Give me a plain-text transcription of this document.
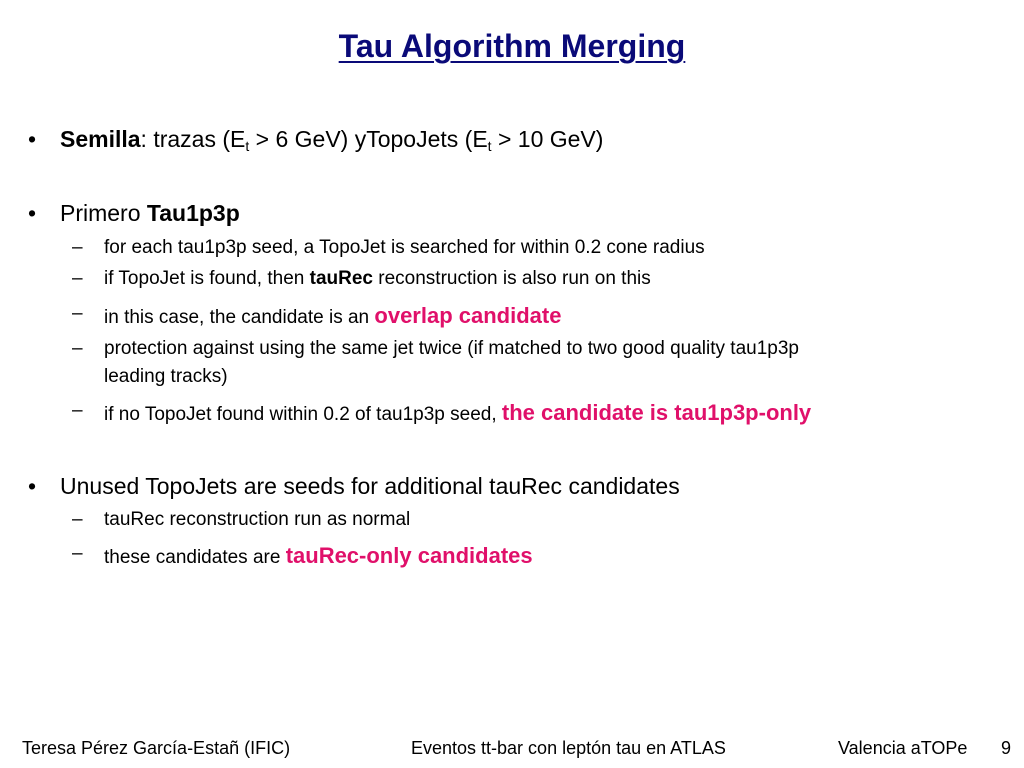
Tau Algorithm Merging
• Semilla: trazas ($E_t > 6$ GeV) yTopoJets ($E_t > 10$ GeV)
• Primero Tau1p3p
– for each tau1p3p seed, a TopoJet is searched for within 0.2 cone radius
– if TopoJet is found, then tauRec reconstruction is also run on this
– in this case, the candidate is an overlap candidate
– protection against using the same jet twice (if matched to two good quality tau1p3p
leading tracks)
– if no TopoJet found within 0.2 of tau1p3p seed, the candidate is tau1p3p-only
• Unused TopoJets are seeds for additional tauRec candidates
– tauRec reconstruction run as normal
– these candidates are tauRec-only candidates
Teresa Pérez García-Estañ (IFIC)	Eventos tt-bar con leptón tau en ATLAS	Valencia aTOPe 9
